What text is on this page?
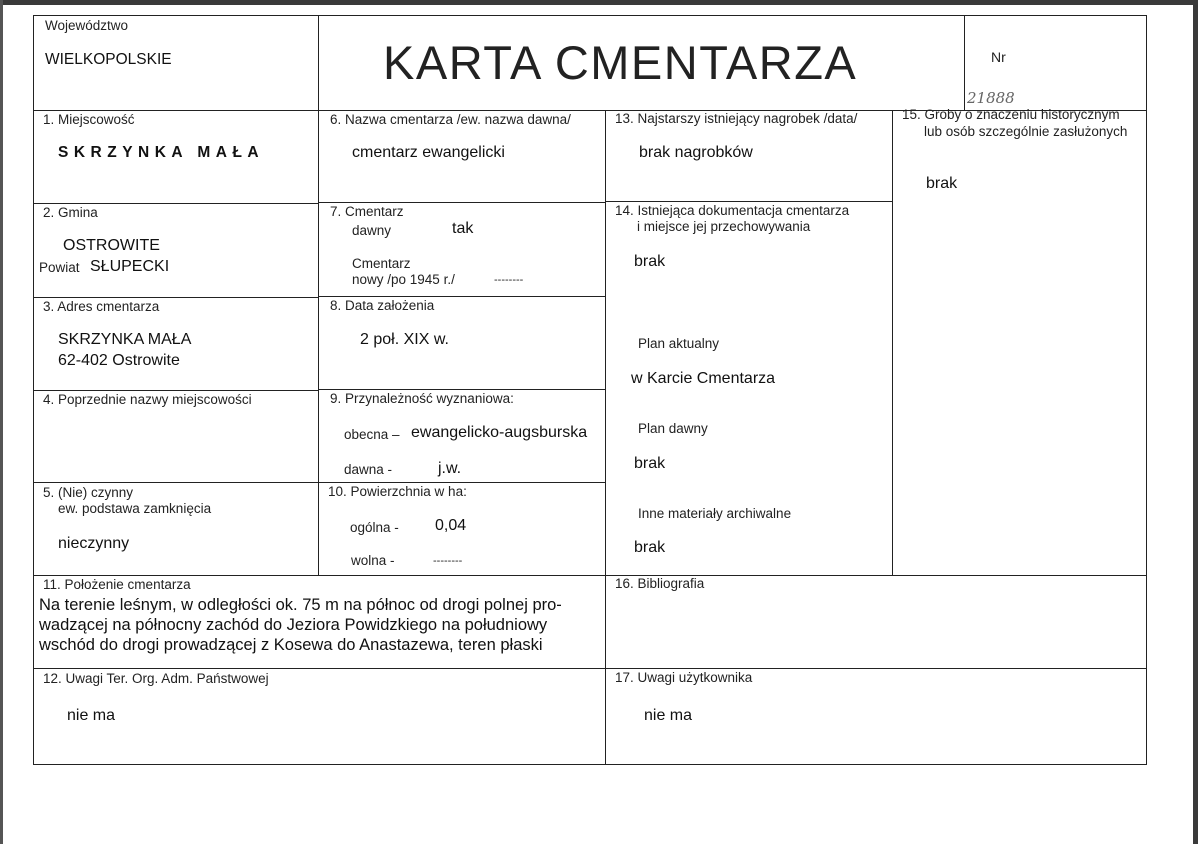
Województwo
WIELKOPOLSKIE	KARTA CMENTARZA	Nr
21888
1. Miejscowość
SKRZYNKA MAŁA
2. Gmina
OSTROWITE
Powiat SŁUPECKI
3. Adres cmentarza
SKRZYNKA MAŁA
62-402 Ostrowite
4. Poprzednie nazwy miejscowości
5. (Nie) czynny
ew. podstawa zamknięcia
nieczynny
6. Nazwa cmentarza /ew. nazwa dawna/
cmentarz ewangelicki
7. Cmentarz
dawny	tak
Cmentarz
nowy /po 1945 r./	--------
8. Data założenia
2 poł. XIX w.
9. Przynależność wyznaniowa:
obecna – ewangelicko-augsburska
dawna -	j.w.
10. Powierzchnia w ha:
ogólna - 0,04
wolna -	--------
11. Położenie cmentarza
Na terenie leśnym, w odległości ok. 75 m na północ od drogi polnej pro-
wadzącej na północny zachód do Jeziora Powidzkiego na południowy
wschód do drogi prowadzącej z Kosewa do Anastazewa, teren płaski
12. Uwagi Ter. Org. Adm. Państwowej
nie ma
13. Najstarszy istniejący nagrobek /data/
brak nagrobków
14. Istniejąca dokumentacja cmentarza
i miejsce jej przechowywania
brak
Plan aktualny
w Karcie Cmentarza
Plan dawny
brak
Inne materiały archiwalne
brak
15. Groby o znaczeniu historycznym
lub osób szczególnie zasłużonych
brak
16. Bibliografia
17. Uwagi użytkownika
nie ma
